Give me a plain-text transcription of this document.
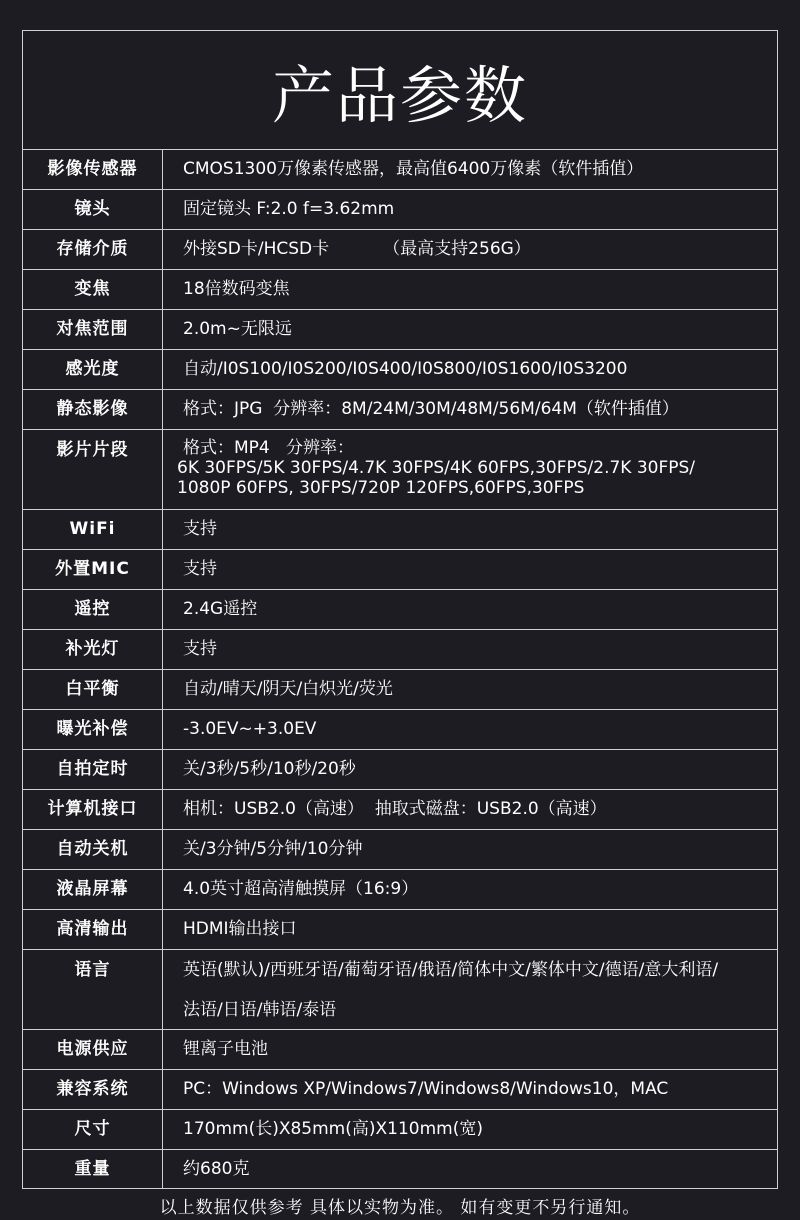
产品参数
影像传感器	CMOS1300万像素传感器，最高值6400万像素（软件插值）
镜头	固定镜头 F:2.0 f=3.62mm
存储介质	外接SD卡/HCSD卡          （最高支持256G）
变焦	18倍数码变焦
对焦范围	2.0m~无限远
感光度	自动/I0S100/I0S200/I0S400/I0S800/I0S1600/I0S3200
静态影像	格式：JPG  分辨率：8M/24M/30M/48M/56M/64M（软件插值）
影片片段	格式：MP4   分辨率：
6K 30FPS/5K 30FPS/4.7K 30FPS/4K 60FPS,30FPS/2.7K 30FPS/
1080P 60FPS, 30FPS/720P 120FPS,60FPS,30FPS

WiFi	支持
外置MIC	支持
遥控	2.4G遥控
补光灯	支持
白平衡	自动/晴天/阴天/白炽光/荧光
曝光补偿	-3.0EV~+3.0EV
自拍定时	关/3秒/5秒/10秒/20秒
计算机接口	相机：USB2.0（高速）  抽取式磁盘：USB2.0（高速）
自动关机	关/3分钟/5分钟/10分钟
液晶屏幕	4.0英寸超高清触摸屏（16:9）
高清输出	HDMI输出接口
语言	英语(默认)/西班牙语/葡萄牙语/俄语/简体中文/繁体中文/德语/意大利语/
法语/日语/韩语/泰语

电源供应	锂离子电池
兼容系统	PC：Windows XP/Windows7/Windows8/Windows10，MAC
尺寸	170mm(长)X85mm(高)X110mm(宽)
重量	约680克
以上数据仅供参考 具体以实物为准。 如有变更不另行通知。
